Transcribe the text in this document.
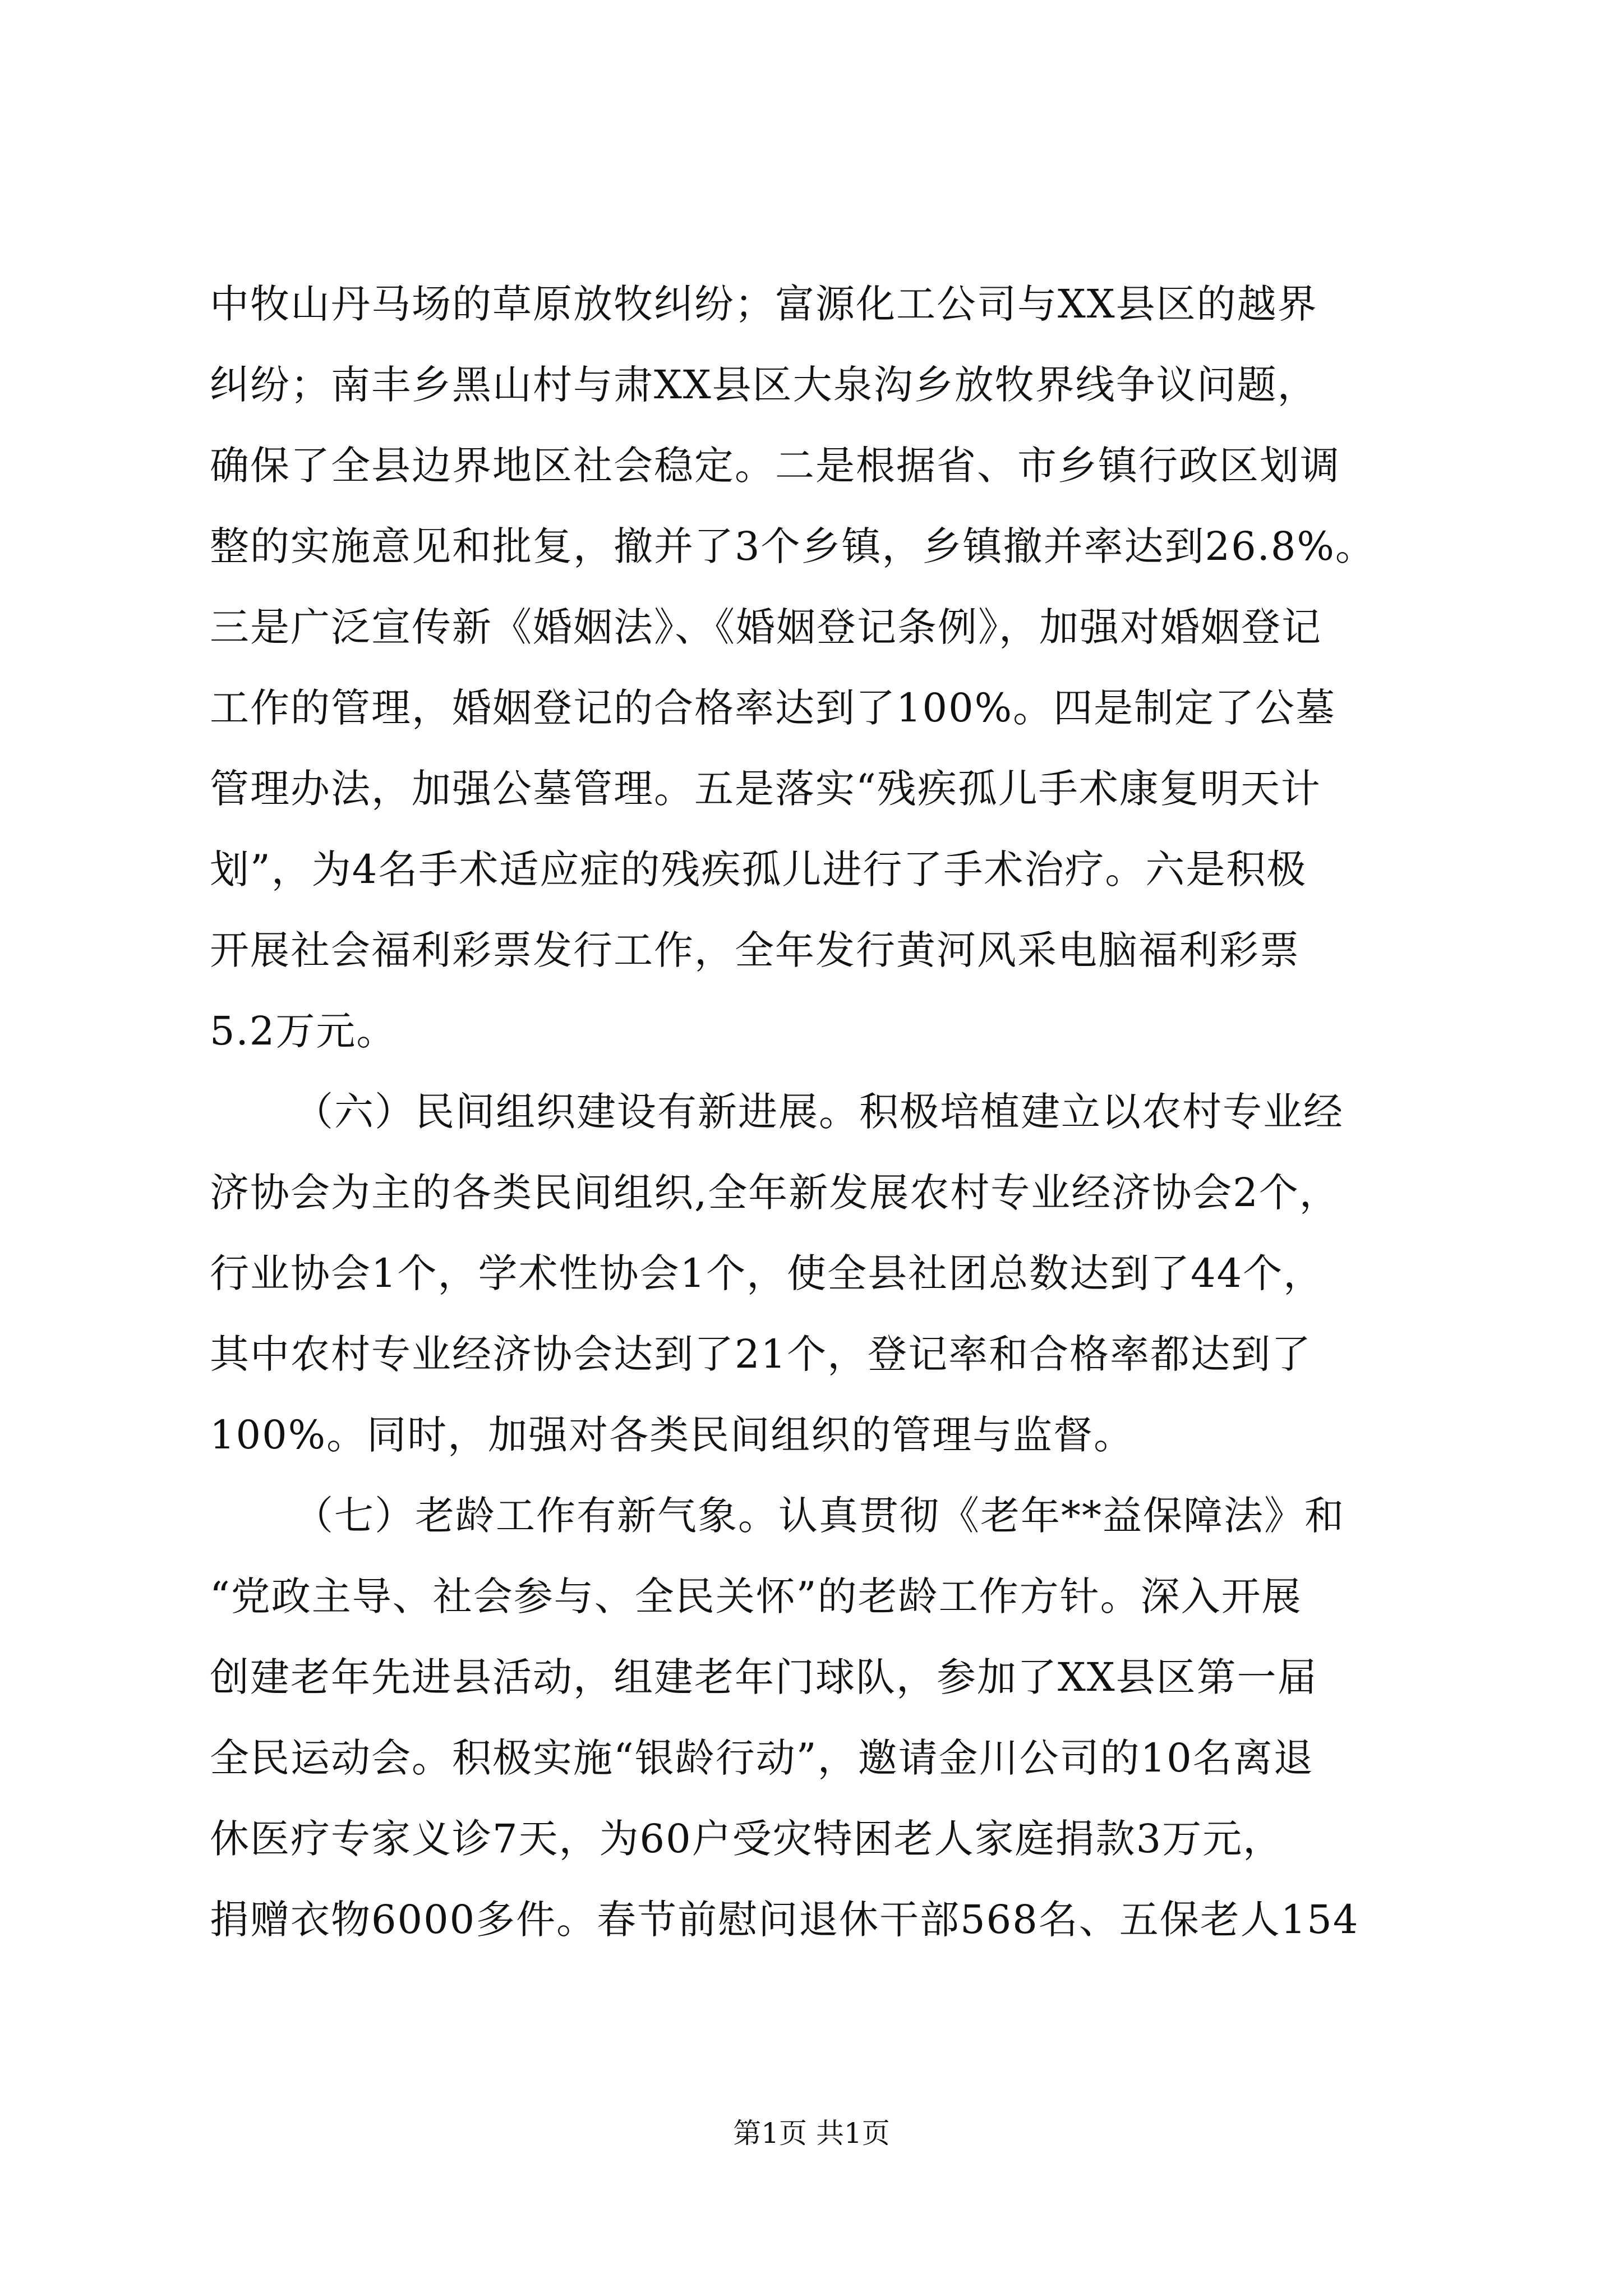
中牧山丹马场的草原放牧纠纷；富源化工公司与XX县区的越界
纠纷；南丰乡黑山村与肃XX县区大泉沟乡放牧界线争议问题，
确保了全县边界地区社会稳定。二是根据省、市乡镇行政区划调
整的实施意见和批复，撤并了3个乡镇，乡镇撤并率达到26.8%。
三是广泛宣传新《婚姻法》、《婚姻登记条例》，加强对婚姻登记
工作的管理，婚姻登记的合格率达到了100%。四是制定了公墓
管理办法，加强公墓管理。五是落实“残疾孤儿手术康复明天计
划”，为4名手术适应症的残疾孤儿进行了手术治疗。六是积极
开展社会福利彩票发行工作，全年发行黄河风采电脑福利彩票
5.2万元。
（六）民间组织建设有新进展。积极培植建立以农村专业经
济协会为主的各类民间组织,全年新发展农村专业经济协会2个，
行业协会1个，学术性协会1个，使全县社团总数达到了44个，
其中农村专业经济协会达到了21个，登记率和合格率都达到了
100%。同时，加强对各类民间组织的管理与监督。
（七）老龄工作有新气象。认真贯彻《老年**益保障法》和
“党政主导、社会参与、全民关怀”的老龄工作方针。深入开展
创建老年先进县活动，组建老年门球队，参加了XX县区第一届
全民运动会。积极实施“银龄行动”，邀请金川公司的10名离退
休医疗专家义诊7天，为60户受灾特困老人家庭捐款3万元，
捐赠衣物6000多件。春节前慰问退休干部568名、五保老人154
第1页 共1页
